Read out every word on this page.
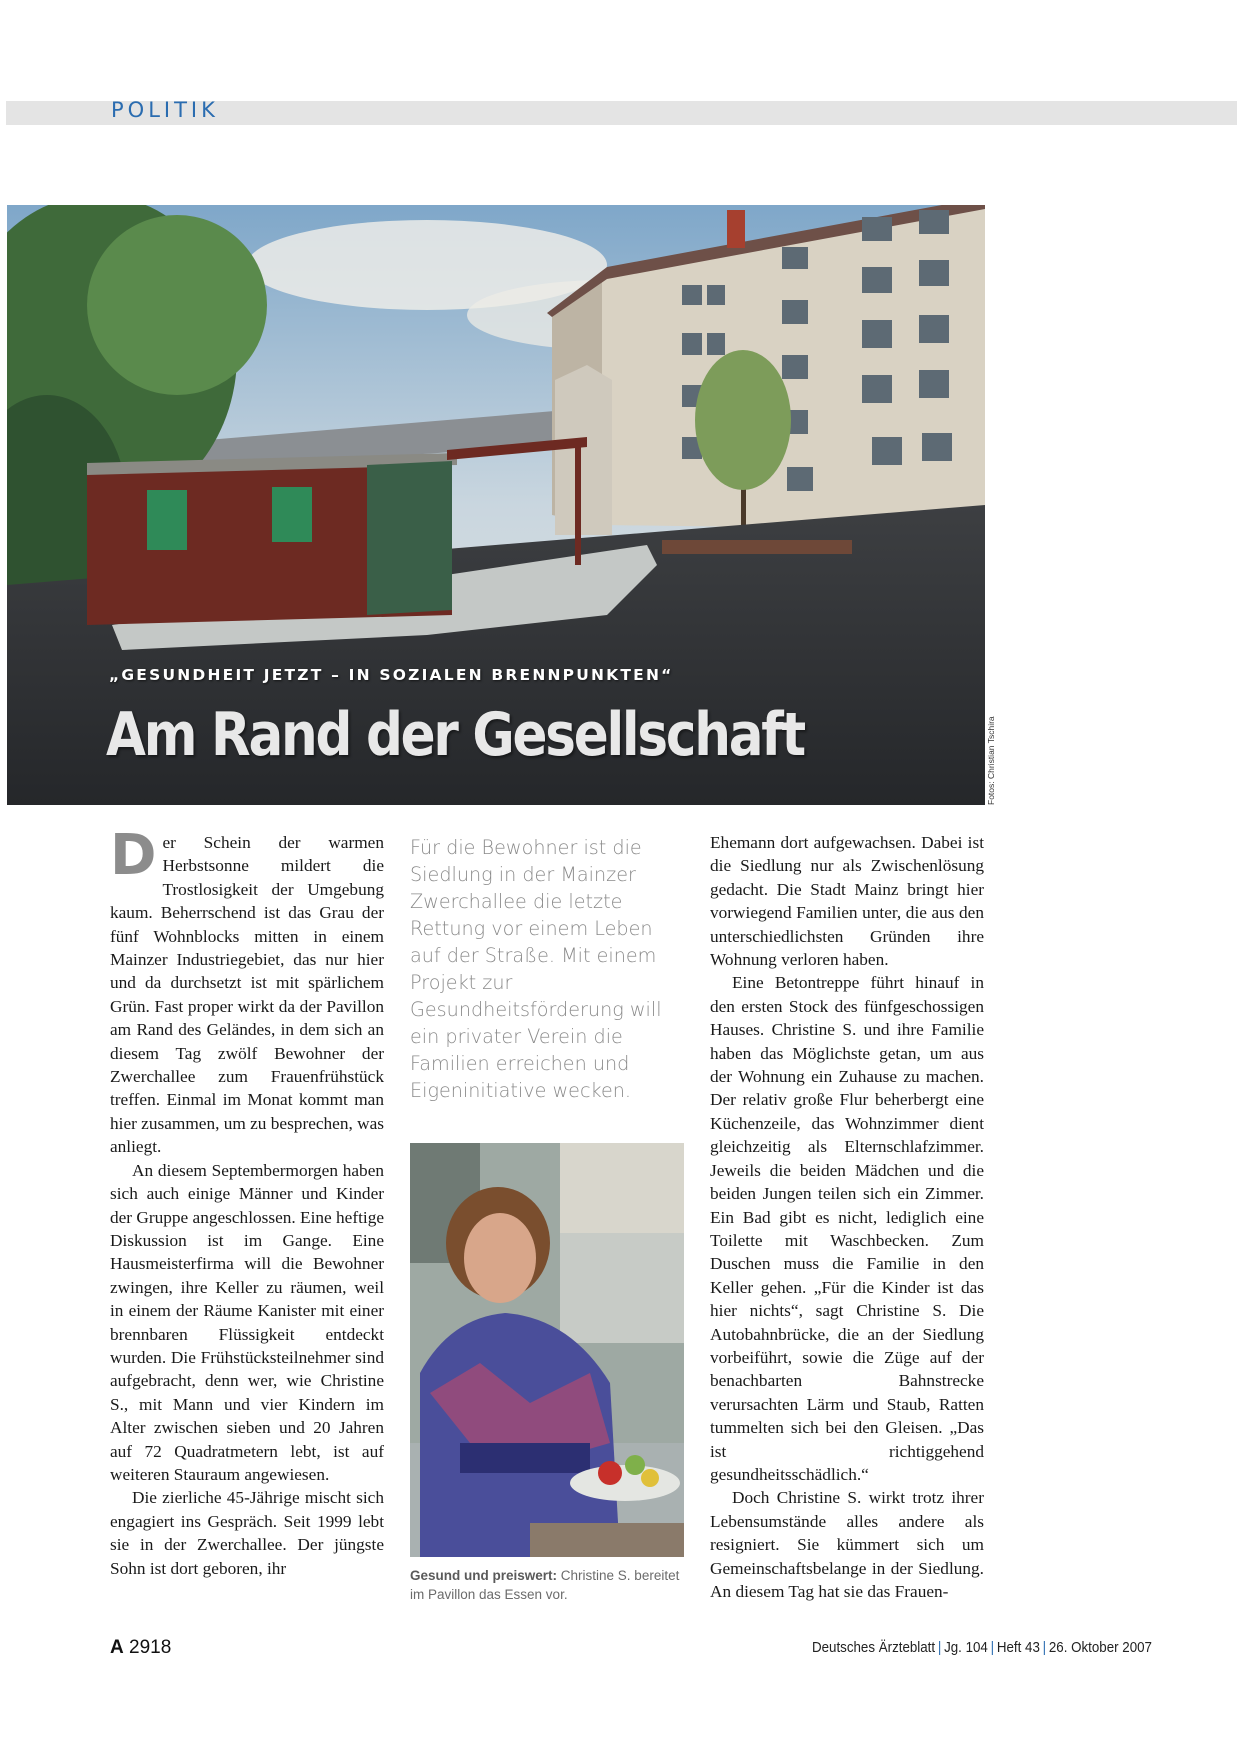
POLITIK
„GESUNDHEIT JETZT – IN SOZIALEN BRENNPUNKTEN“
Am Rand der Gesellschaft	Fotos: Christian Tschira

Der Schein der warmen Herbstsonne mildert die Trostlosigkeit der Umgebung kaum. Beherrschend ist das Grau der fünf Wohnblocks mitten in einem Mainzer Industriegebiet, das nur hier und da durchsetzt ist mit spärlichem Grün. Fast proper wirkt da der Pavillon am Rand des Geländes, in dem sich an diesem Tag zwölf Bewohner der Zwerchallee zum Frauenfrühstück treffen. Einmal im Monat kommt man hier zusammen, um zu besprechen, was anliegt.

An diesem Septembermorgen haben sich auch einige Männer und Kinder der Gruppe angeschlossen. Eine heftige Diskussion ist im Gange. Eine Hausmeisterfirma will die Bewohner zwingen, ihre Keller zu räumen, weil in einem der Räume Kanister mit einer brennbaren Flüssigkeit entdeckt wurden. Die Frühstücksteilnehmer sind aufgebracht, denn wer, wie Christine S., mit Mann und vier Kindern im Alter zwischen sieben und 20 Jahren auf 72 Quadratmetern lebt, ist auf weiteren Stauraum angewiesen.

Die zierliche 45-Jährige mischt sich engagiert ins Gespräch. Seit 1999 lebt sie in der Zwerchallee. Der jüngste Sohn ist dort geboren, ihr

Für die Bewohner ist die Siedlung in der Mainzer Zwerchallee die letzte Rettung vor einem Leben auf der Straße. Mit einem Projekt zur Gesundheitsförderung will ein privater Verein die Familien erreichen und Eigeninitiative wecken.
Gesund und preiswert: Christine S. bereitet im Pavillon das Essen vor.

Ehemann dort aufgewachsen. Dabei ist die Siedlung nur als Zwischenlösung gedacht. Die Stadt Mainz bringt hier vorwiegend Familien unter, die aus den unterschiedlichsten Gründen ihre Wohnung verloren haben.

Eine Betontreppe führt hinauf in den ersten Stock des fünfgeschossigen Hauses. Christine S. und ihre Familie haben das Möglichste getan, um aus der Wohnung ein Zuhause zu machen. Der relativ große Flur beherbergt eine Küchenzeile, das Wohnzimmer dient gleichzeitig als Elternschlafzimmer. Jeweils die beiden Mädchen und die beiden Jungen teilen sich ein Zimmer. Ein Bad gibt es nicht, lediglich eine Toilette mit Waschbecken. Zum Duschen muss die Familie in den Keller gehen. „Für die Kinder ist das hier nichts“, sagt Christine S. Die Autobahnbrücke, die an der Siedlung vorbeiführt, sowie die Züge auf der benachbarten Bahnstrecke verursachten Lärm und Staub, Ratten tummelten sich bei den Gleisen. „Das ist richtiggehend gesundheitsschädlich.“

Doch Christine S. wirkt trotz ihrer Lebensumstände alles andere als resigniert. Sie kümmert sich um Gemeinschaftsbelange in der Siedlung. An diesem Tag hat sie das Frauen-

A 2918	Deutsches Ärzteblatt | Jg. 104 | Heft 43 | 26. Oktober 2007
